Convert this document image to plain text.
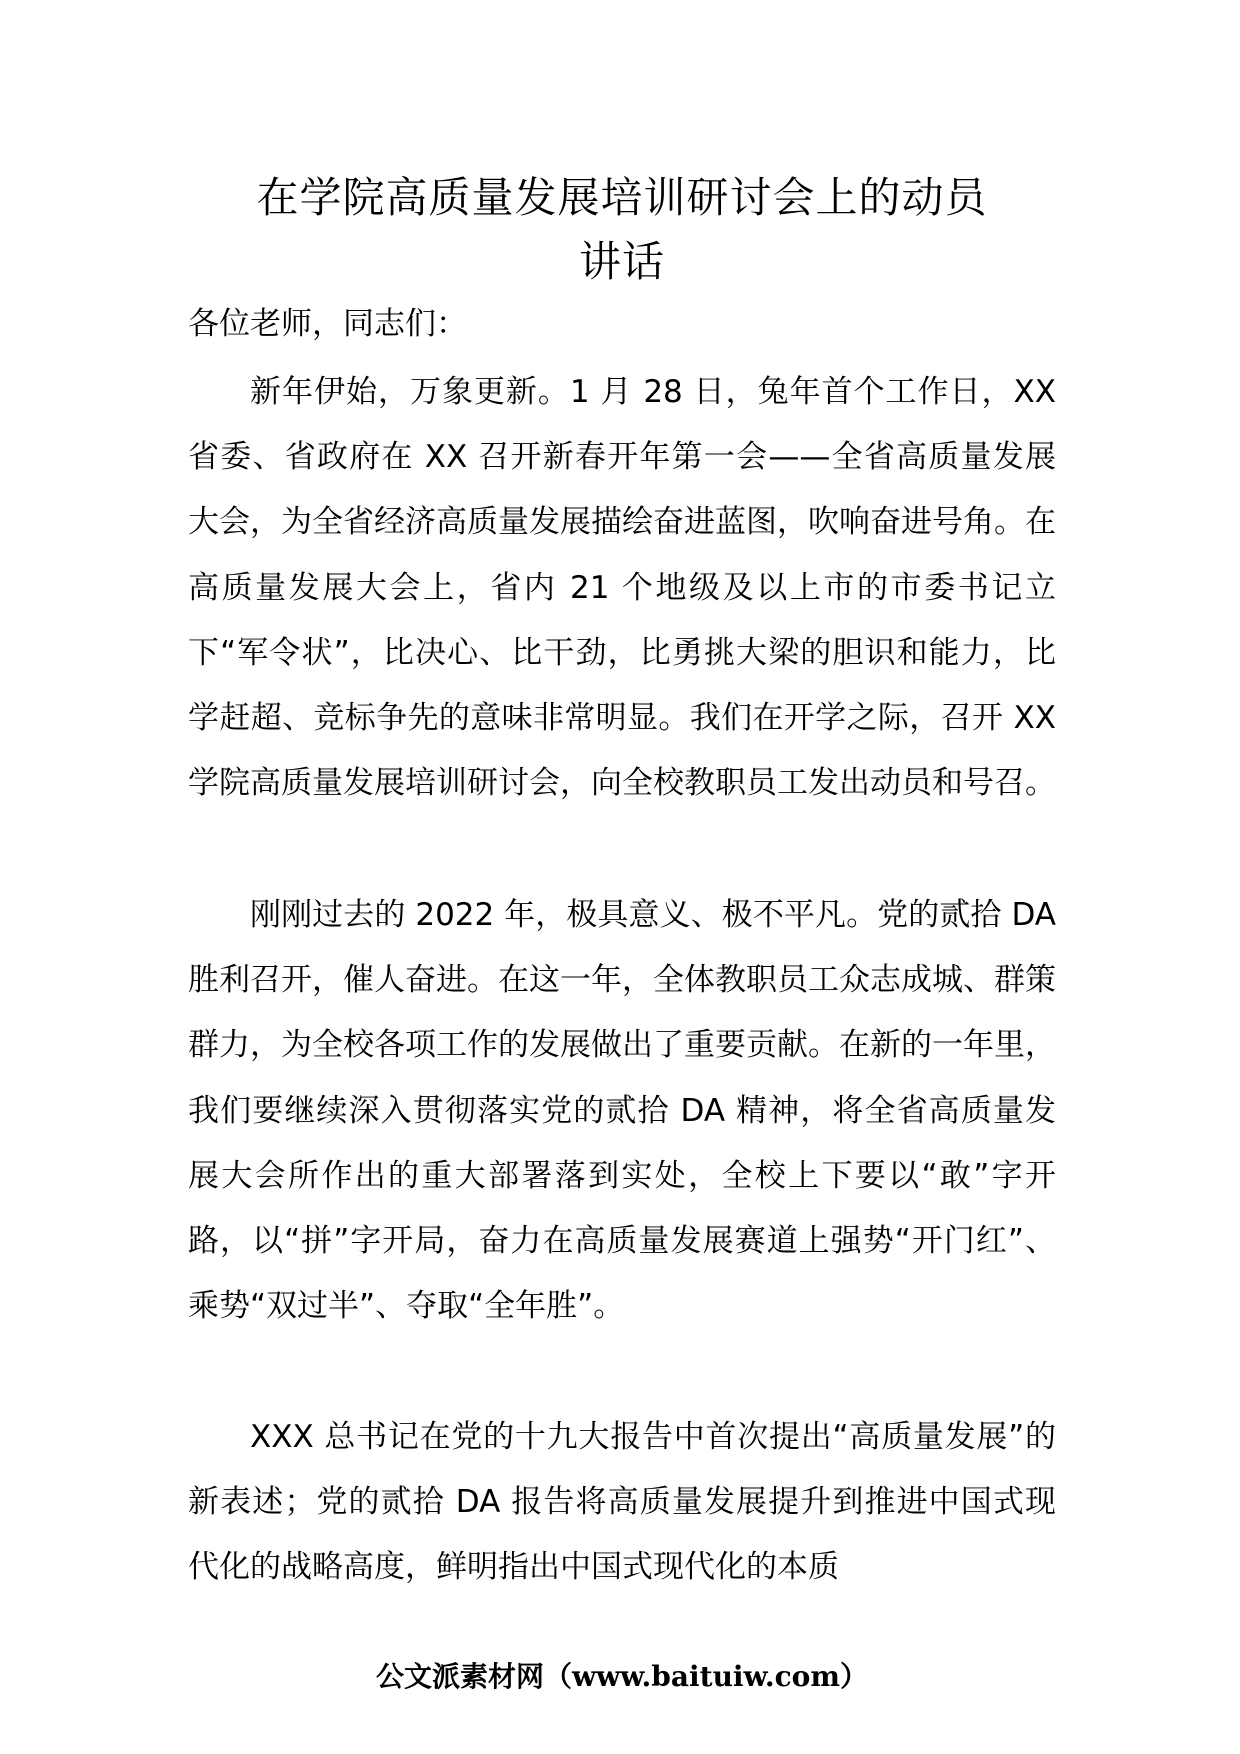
在学院高质量发展培训研讨会上的动员
讲话
各位老师，同志们：

新年伊始，万象更新。1 月 28 日，兔年首个工作日，XX 省委、省政府在 XX 召开新春开年第一会——全省高质量发展大会，为全省经济高质量发展描绘奋进蓝图，吹响奋进号角。在高质量发展大会上，省内 21 个地级及以上市的市委书记立下“军令状”，比决心、比干劲，比勇挑大梁的胆识和能力，比学赶超、竞标争先的意味非常明显。我们在开学之际，召开 XX 学院高质量发展培训研讨会，向全校教职员工发出动员和号召。

刚刚过去的 2022 年，极具意义、极不平凡。党的贰拾 DA 胜利召开，催人奋进。在这一年，全体教职员工众志成城、群策群力，为全校各项工作的发展做出了重要贡献。在新的一年里，我们要继续深入贯彻落实党的贰拾 DA 精神，将全省高质量发展大会所作出的重大部署落到实处，全校上下要以“敢”字开路，以“拼”字开局，奋力在高质量发展赛道上强势“开门红”、乘势“双过半”、夺取“全年胜”。

XXX 总书记在党的十九大报告中首次提出“高质量发展”的新表述；党的贰拾 DA 报告将高质量发展提升到推进中国式现代化的战略高度，鲜明指出中国式现代化的本质

公文派素材网（www.baituiw.com）
